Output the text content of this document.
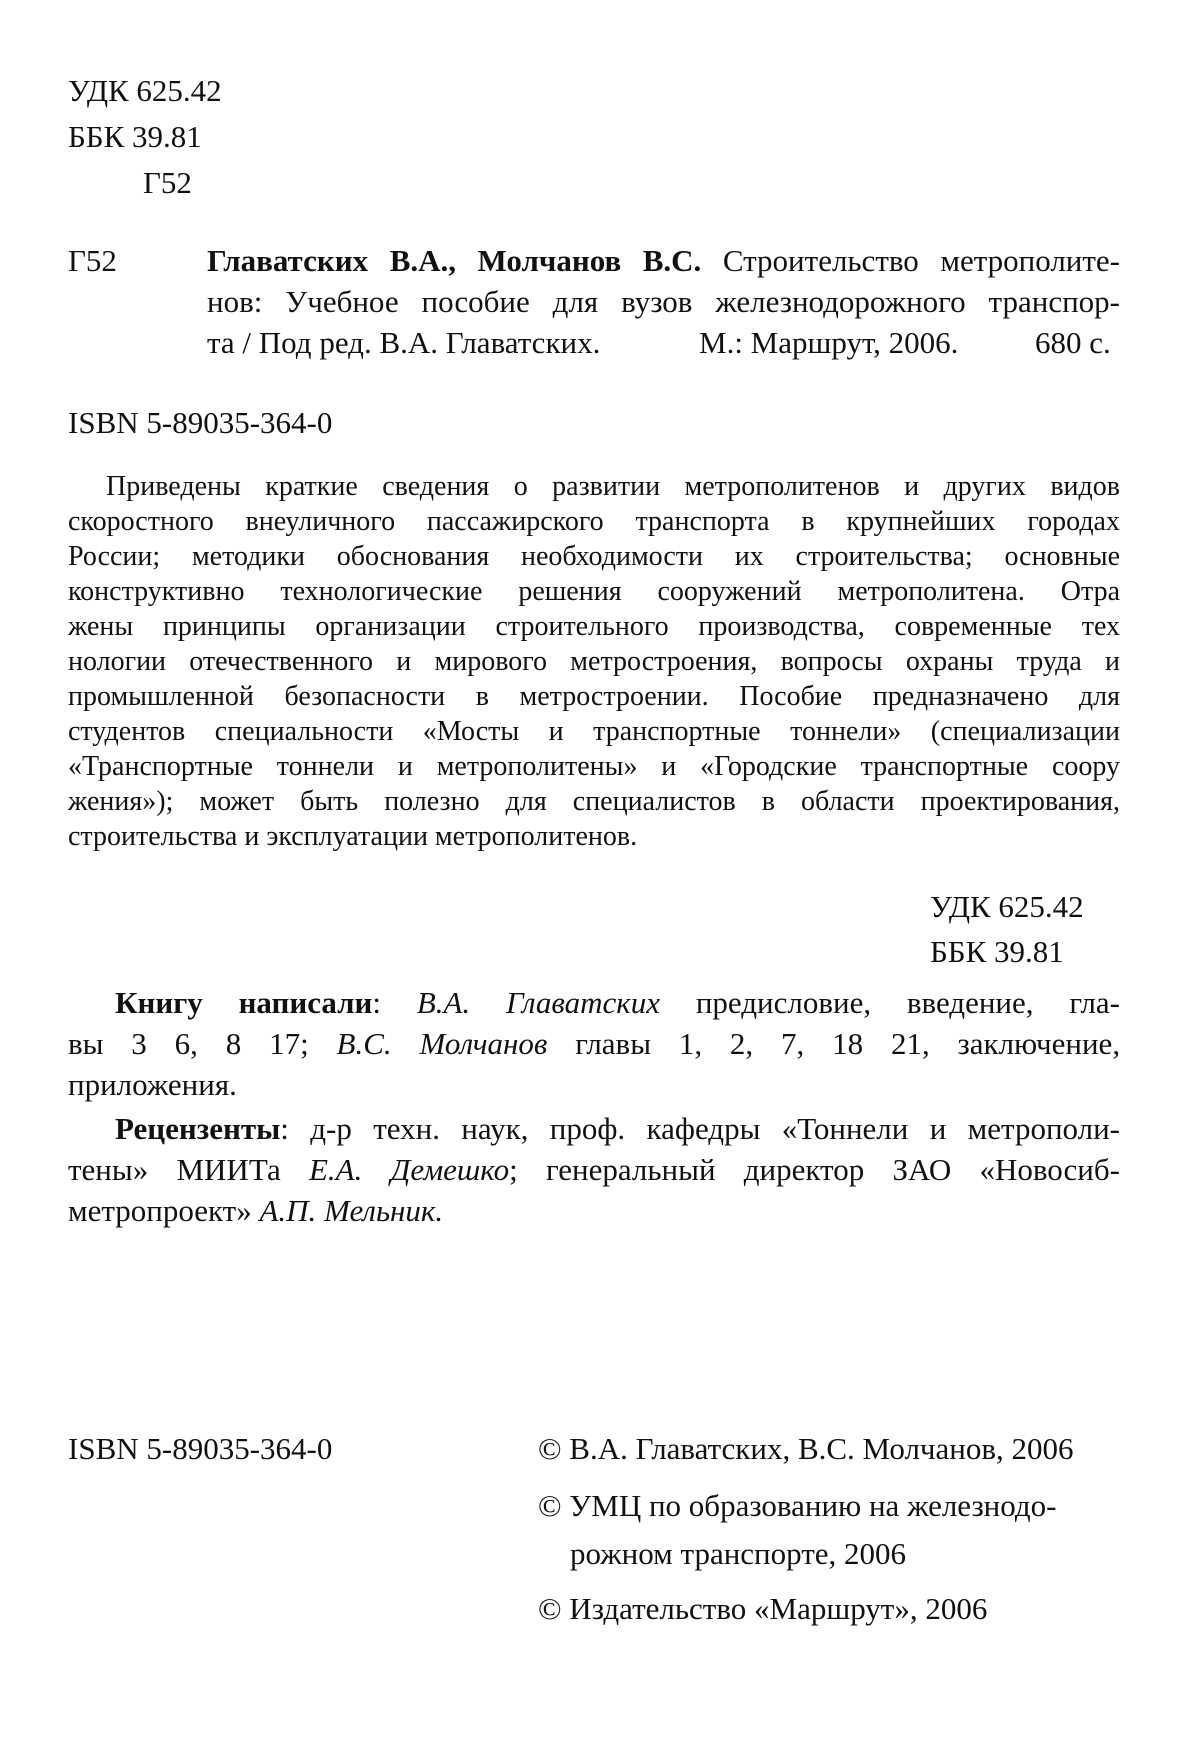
УДК 625.42
ББК 39.81
Г52
Г52	Главатских В.А., Молчанов В.С. Строительство метрополите-
нов: Учебное пособие для вузов железнодорожного транспор-
та / Под ред. В.А. Главатских.	М.: Маршрут, 2006. 680 с.
ISBN 5-89035-364-0
Приведены краткие сведения о развитии метрополитенов и других видов
скоростного внеуличного пассажирского транспорта в крупнейших городах
России; методики обоснования необходимости их строительства; основные
конструктивно технологические решения сооружений метрополитена. Отра
жены принципы организации строительного производства, современные тех
нологии отечественного и мирового метростроения, вопросы охраны труда и
промышленной безопасности в метростроении. Пособие предназначено для
студентов специальности «Мосты и транспортные тоннели» (специализации
«Транспортные тоннели и метрополитены» и «Городские транспортные соору
жения»); может быть полезно для специалистов в области проектирования,
строительства и эксплуатации метрополитенов.
УДК 625.42
ББК 39.81
Книгу написали: В.А. Главатских предисловие, введение, гла-
вы 3 6, 8 17; В.С. Молчанов главы 1, 2, 7, 18 21, заключение,
приложения.
Рецензенты: д-р техн. наук, проф. кафедры «Тоннели и метрополи-
тены» МИИТа Е.А. Демешко; генеральный директор ЗАО «Новосиб-
метропроект» А.П. Мельник.
ISBN 5-89035-364-0	© В.А. Главатских, В.С. Молчанов, 2006
© УМЦ по образованию на железнодо-
рожном транспорте, 2006
© Издательство «Маршрут», 2006
